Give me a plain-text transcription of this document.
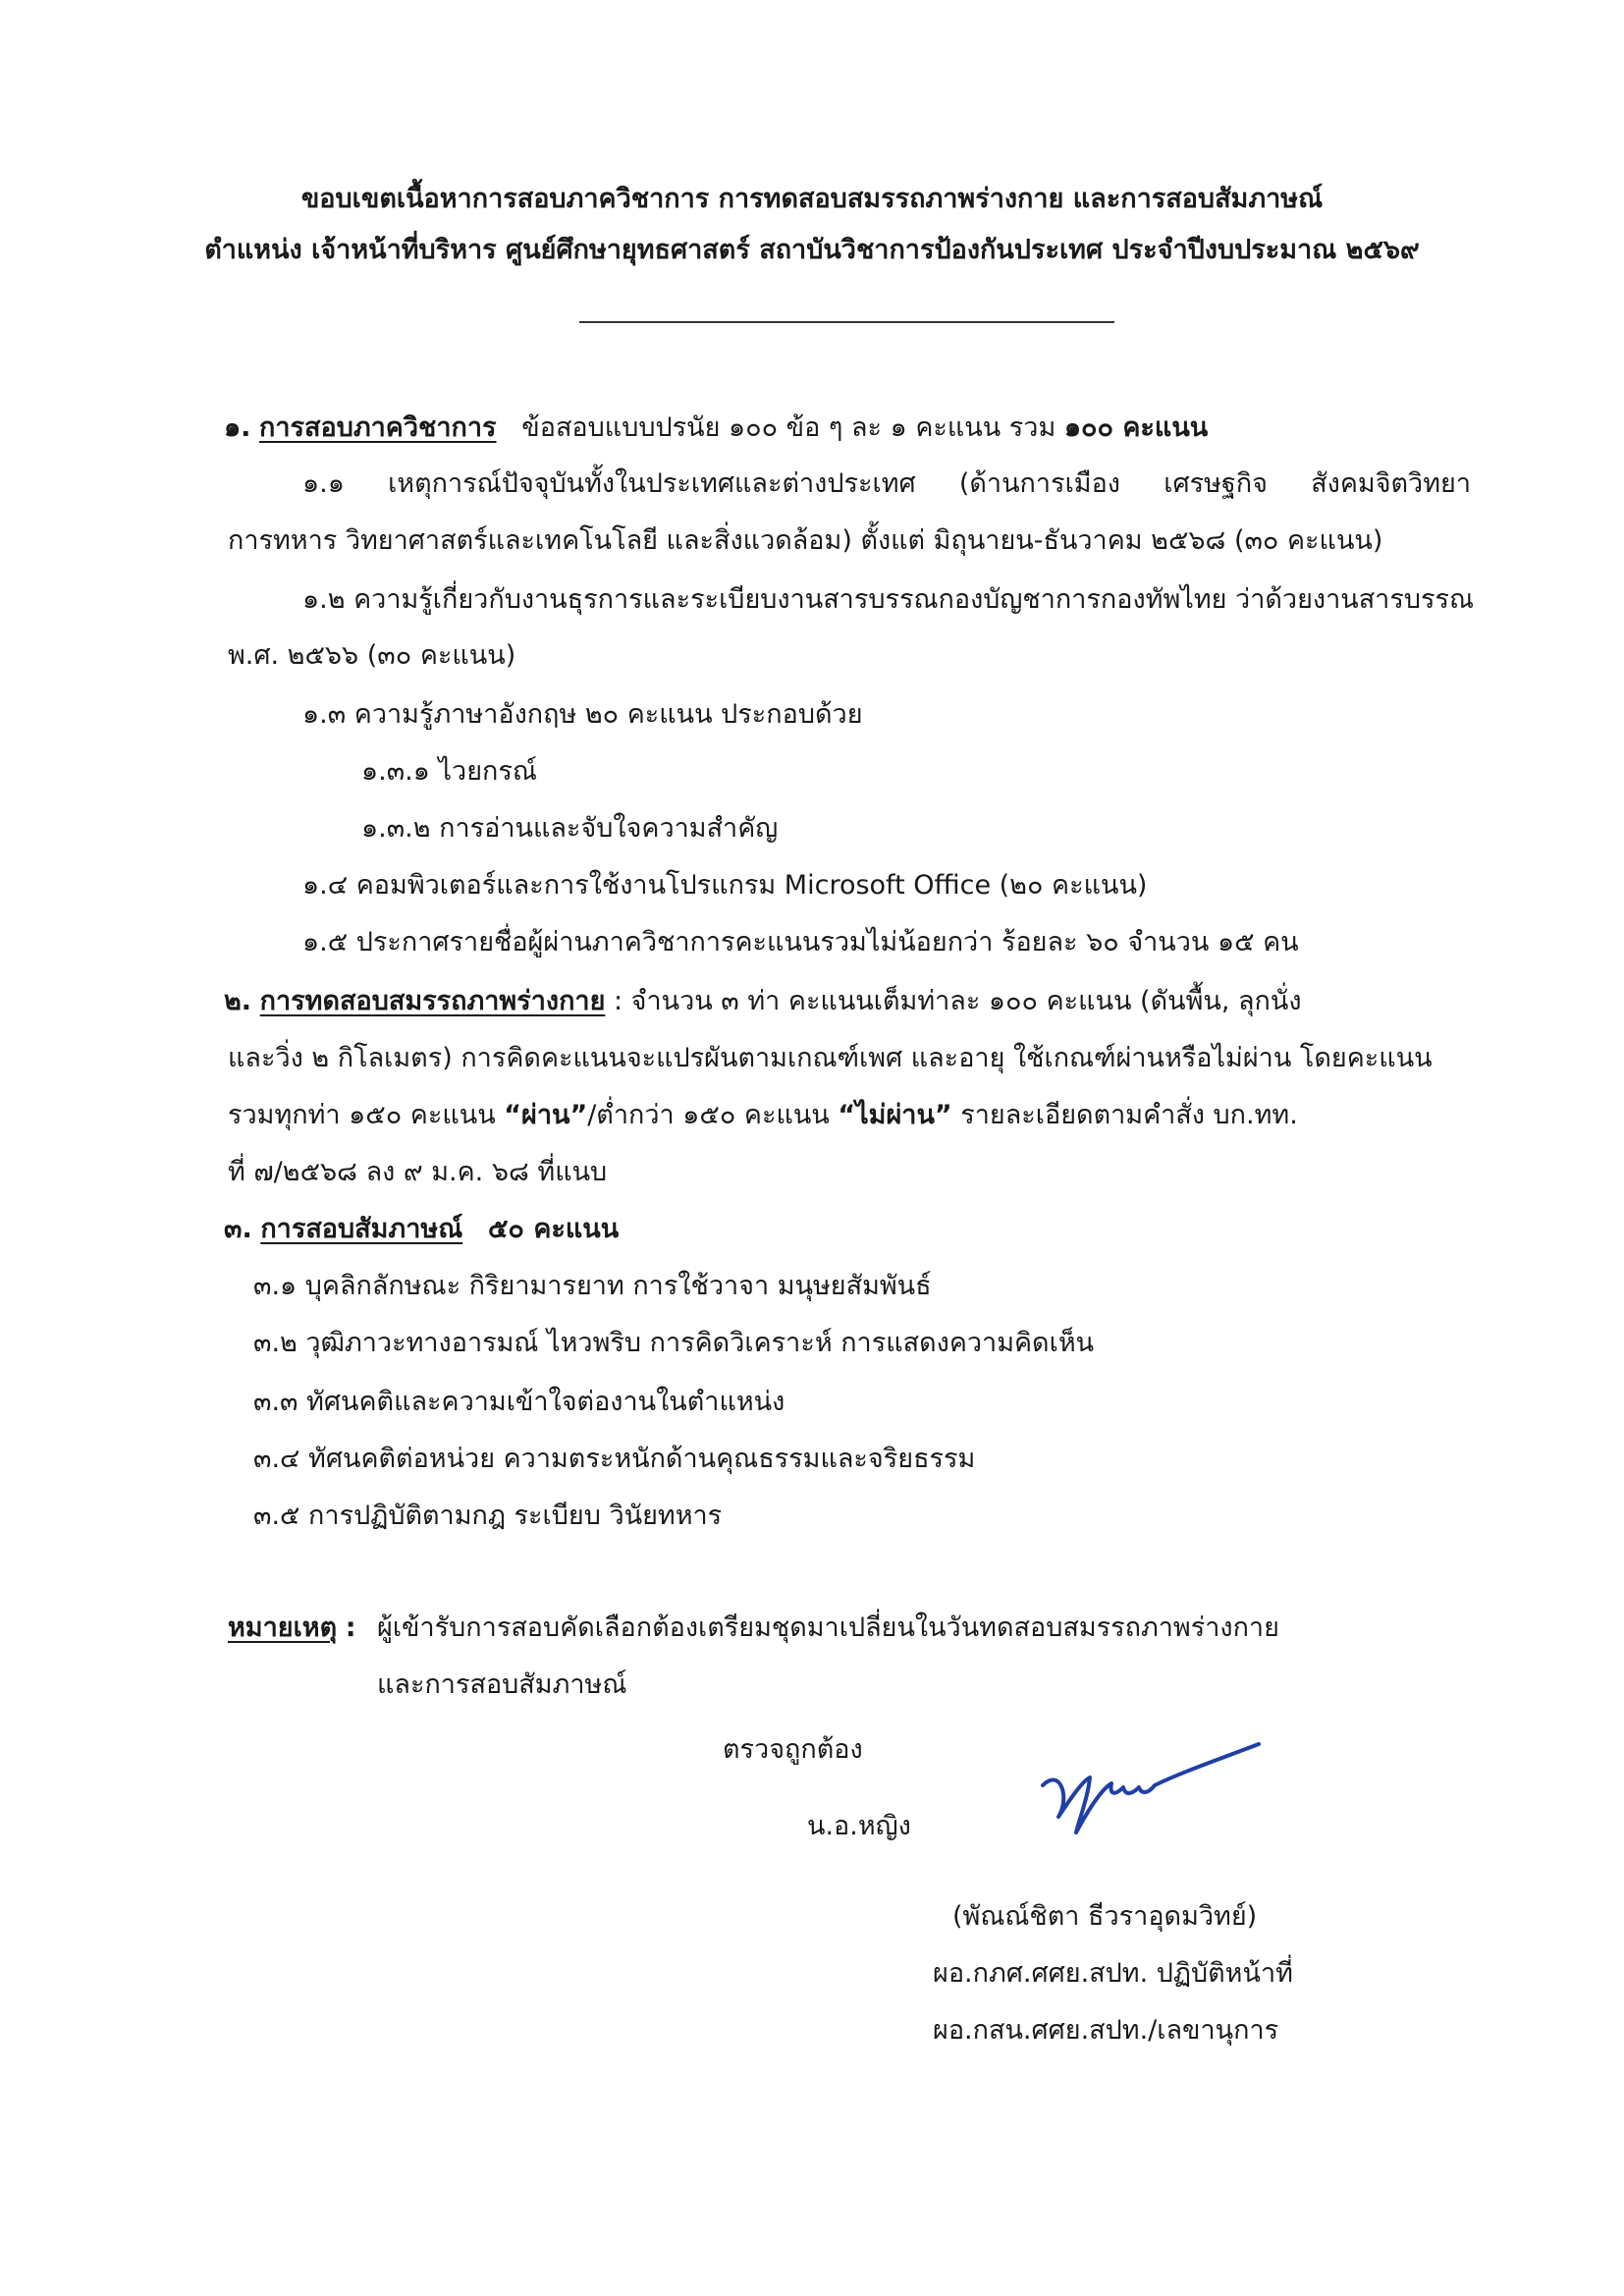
ขอบเขตเนื้อหาการสอบภาควิชาการ การทดสอบสมรรถภาพร่างกาย และการสอบสัมภาษณ์
ตำแหน่ง เจ้าหน้าที่บริหาร ศูนย์ศึกษายุทธศาสตร์ สถาบันวิชาการป้องกันประเทศ ประจำปีงบประมาณ ๒๕๖๙
๑. การสอบภาควิชาการ ข้อสอบแบบปรนัย ๑๐๐ ข้อ ๆ ละ ๑ คะแนน รวม ๑๐๐ คะแนน
๑.๑ เหตุการณ์ปัจจุบันทั้งในประเทศและต่างประเทศ (ด้านการเมือง เศรษฐกิจ สังคมจิตวิทยา
การทหาร วิทยาศาสตร์และเทคโนโลยี และสิ่งแวดล้อม) ตั้งแต่ มิถุนายน-ธันวาคม ๒๕๖๘ (๓๐ คะแนน)
๑.๒ ความรู้เกี่ยวกับงานธุรการและระเบียบงานสารบรรณกองบัญชาการกองทัพไทย ว่าด้วยงานสารบรรณ
พ.ศ. ๒๕๖๖ (๓๐ คะแนน)
๑.๓ ความรู้ภาษาอังกฤษ ๒๐ คะแนน ประกอบด้วย
๑.๓.๑ ไวยกรณ์
๑.๓.๒ การอ่านและจับใจความสำคัญ
๑.๔ คอมพิวเตอร์และการใช้งานโปรแกรม Microsoft Office (๒๐ คะแนน)
๑.๕ ประกาศรายชื่อผู้ผ่านภาควิชาการคะแนนรวมไม่น้อยกว่า ร้อยละ ๖๐ จำนวน ๑๕ คน
๒. การทดสอบสมรรถภาพร่างกาย : จำนวน ๓ ท่า คะแนนเต็มท่าละ ๑๐๐ คะแนน (ดันพื้น, ลุกนั่ง
และวิ่ง ๒ กิโลเมตร) การคิดคะแนนจะแปรผันตามเกณฑ์เพศ และอายุ ใช้เกณฑ์ผ่านหรือไม่ผ่าน โดยคะแนน
รวมทุกท่า ๑๕๐ คะแนน “ผ่าน”/ต่ำกว่า ๑๕๐ คะแนน “ไม่ผ่าน” รายละเอียดตามคำสั่ง บก.ทท.
ที่ ๗/๒๕๖๘ ลง ๙ ม.ค. ๖๘ ที่แนบ
๓. การสอบสัมภาษณ์ ๕๐ คะแนน
๓.๑ บุคลิกลักษณะ กิริยามารยาท การใช้วาจา มนุษยสัมพันธ์
๓.๒ วุฒิภาวะทางอารมณ์ ไหวพริบ การคิดวิเคราะห์ การแสดงความคิดเห็น
๓.๓ ทัศนคติและความเข้าใจต่องานในตำแหน่ง
๓.๔ ทัศนคติต่อหน่วย ความตระหนักด้านคุณธรรมและจริยธรรม
๓.๕ การปฏิบัติตามกฎ ระเบียบ วินัยทหาร
หมายเหตุ : ผู้เข้ารับการสอบคัดเลือกต้องเตรียมชุดมาเปลี่ยนในวันทดสอบสมรรถภาพร่างกาย
และการสอบสัมภาษณ์
ตรวจถูกต้อง
น.อ.หญิง
(พัณณ์ชิตา ธีวราอุดมวิทย์)
ผอ.กภศ.ศศย.สปท. ปฏิบัติหน้าที่
ผอ.กสน.ศศย.สปท./เลขานุการ
